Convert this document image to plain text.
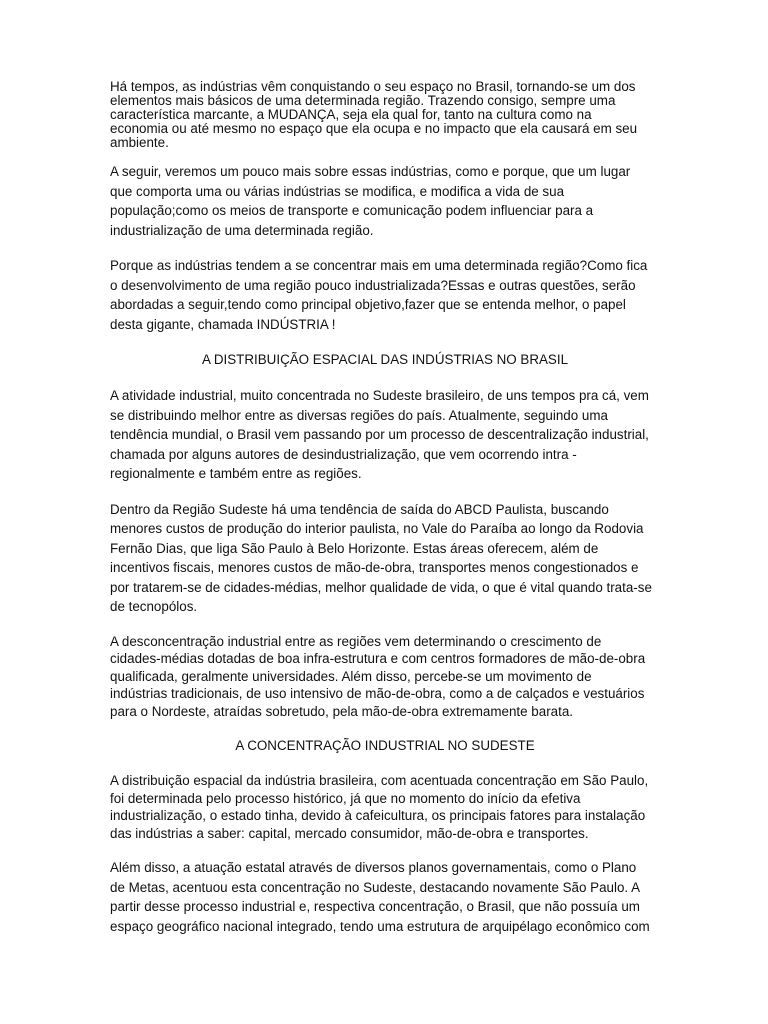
Há tempos, as indústrias vêm conquistando o seu espaço no Brasil, tornando-se um dos
elementos mais básicos de uma determinada região. Trazendo consigo, sempre uma
característica marcante, a MUDANÇA, seja ela qual for, tanto na cultura como na
economia ou até mesmo no espaço que ela ocupa e no impacto que ela causará em seu
ambiente.
A seguir, veremos um pouco mais sobre essas indústrias, como e porque, que um lugar
que comporta uma ou várias indústrias se modifica, e modifica a vida de sua
população;como os meios de transporte e comunicação podem influenciar para a
industrialização de uma determinada região.
Porque as indústrias tendem a se concentrar mais em uma determinada região?Como fica
o desenvolvimento de uma região pouco industrializada?Essas e outras questões, serão
abordadas a seguir,tendo como principal objetivo,fazer que se entenda melhor, o papel
desta gigante, chamada INDÚSTRIA !
A DISTRIBUIÇÃO ESPACIAL DAS INDÚSTRIAS NO BRASIL
A atividade industrial, muito concentrada no Sudeste brasileiro, de uns tempos pra cá, vem
se distribuindo melhor entre as diversas regiões do país. Atualmente, seguindo uma
tendência mundial, o Brasil vem passando por um processo de descentralização industrial,
chamada por alguns autores de desindustrialização, que vem ocorrendo intra -
regionalmente e também entre as regiões.
Dentro da Região Sudeste há uma tendência de saída do ABCD Paulista, buscando
menores custos de produção do interior paulista, no Vale do Paraíba ao longo da Rodovia
Fernão Dias, que liga São Paulo à Belo Horizonte. Estas áreas oferecem, além de
incentivos fiscais, menores custos de mão-de-obra, transportes menos congestionados e
por tratarem-se de cidades-médias, melhor qualidade de vida, o que é vital quando trata-se
de tecnopólos.
A desconcentração industrial entre as regiões vem determinando o crescimento de
cidades-médias dotadas de boa infra-estrutura e com centros formadores de mão-de-obra
qualificada, geralmente universidades. Além disso, percebe-se um movimento de
indústrias tradicionais, de uso intensivo de mão-de-obra, como a de calçados e vestuários
para o Nordeste, atraídas sobretudo, pela mão-de-obra extremamente barata.
A CONCENTRAÇÃO INDUSTRIAL NO SUDESTE
A distribuição espacial da indústria brasileira, com acentuada concentração em São Paulo,
foi determinada pelo processo histórico, já que no momento do início da efetiva
industrialização, o estado tinha, devido à cafeicultura, os principais fatores para instalação
das indústrias a saber: capital, mercado consumidor, mão-de-obra e transportes.
Além disso, a atuação estatal através de diversos planos governamentais, como o Plano
de Metas, acentuou esta concentração no Sudeste, destacando novamente São Paulo. A
partir desse processo industrial e, respectiva concentração, o Brasil, que não possuía um
espaço geográfico nacional integrado, tendo uma estrutura de arquipélago econômico com
